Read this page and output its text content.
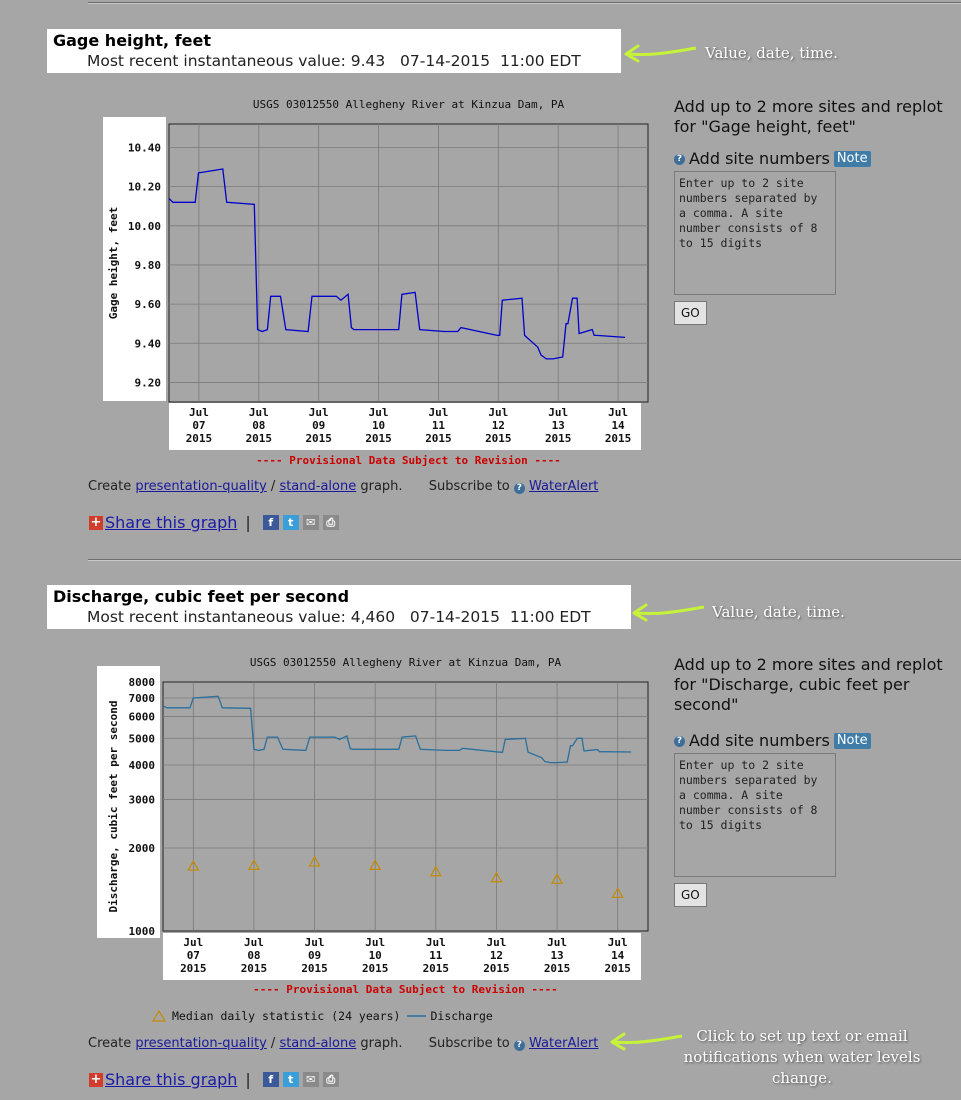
Gage height, feet
Most recent instantaneous value: 9.43   07-14-2015  11:00 EDT	Value, date, time.
USGS 03012550 Allegheny River at Kinzua Dam, PA
Jul
07
2015
Jul
08
2015
Jul
09
2015
Jul
10
2015
Jul
11
2015
Jul
12
2015
Jul
13
2015
Jul
14
2015
10.40
10.20
10.00
9.80
9.60
9.40
9.20
Gage height, feet
---- Provisional Data Subject to Revision ----
Add up to 2 more sites and replot for "Gage height, feet"
? Add site numbers Note
Enter up to 2 site numbers separated by a comma. A site number consists of 8 to 15 digits GO
Create presentation-quality / stand-alone graph. Subscribe to ? WaterAlert
+ Share this graph |	f	t	✉ ⎙
Discharge, cubic feet per second
Most recent instantaneous value: 4,460   07-14-2015  11:00 EDT	Value, date, time.
USGS 03012550 Allegheny River at Kinzua Dam, PA
Jul
07
2015
Jul
08
2015
Jul
09
2015
Jul
10
2015
Jul
11
2015
Jul
12
2015
Jul
13
2015
Jul
14
2015
8000
7000
6000
5000
4000
3000
2000
1000
Discharge, cubic feet per second
---- Provisional Data Subject to Revision ----
Median daily statistic (24 years)	Discharge
Add up to 2 more sites and replot for "Discharge, cubic feet per second"
? Add site numbers Note
Enter up to 2 site numbers separated by a comma. A site number consists of 8 to 15 digits GO
Create presentation-quality / stand-alone graph. Subscribe to ? WaterAlert	Click to set up text or email
notifications when water levels
change.
+ Share this graph |	f	t	✉ ⎙
